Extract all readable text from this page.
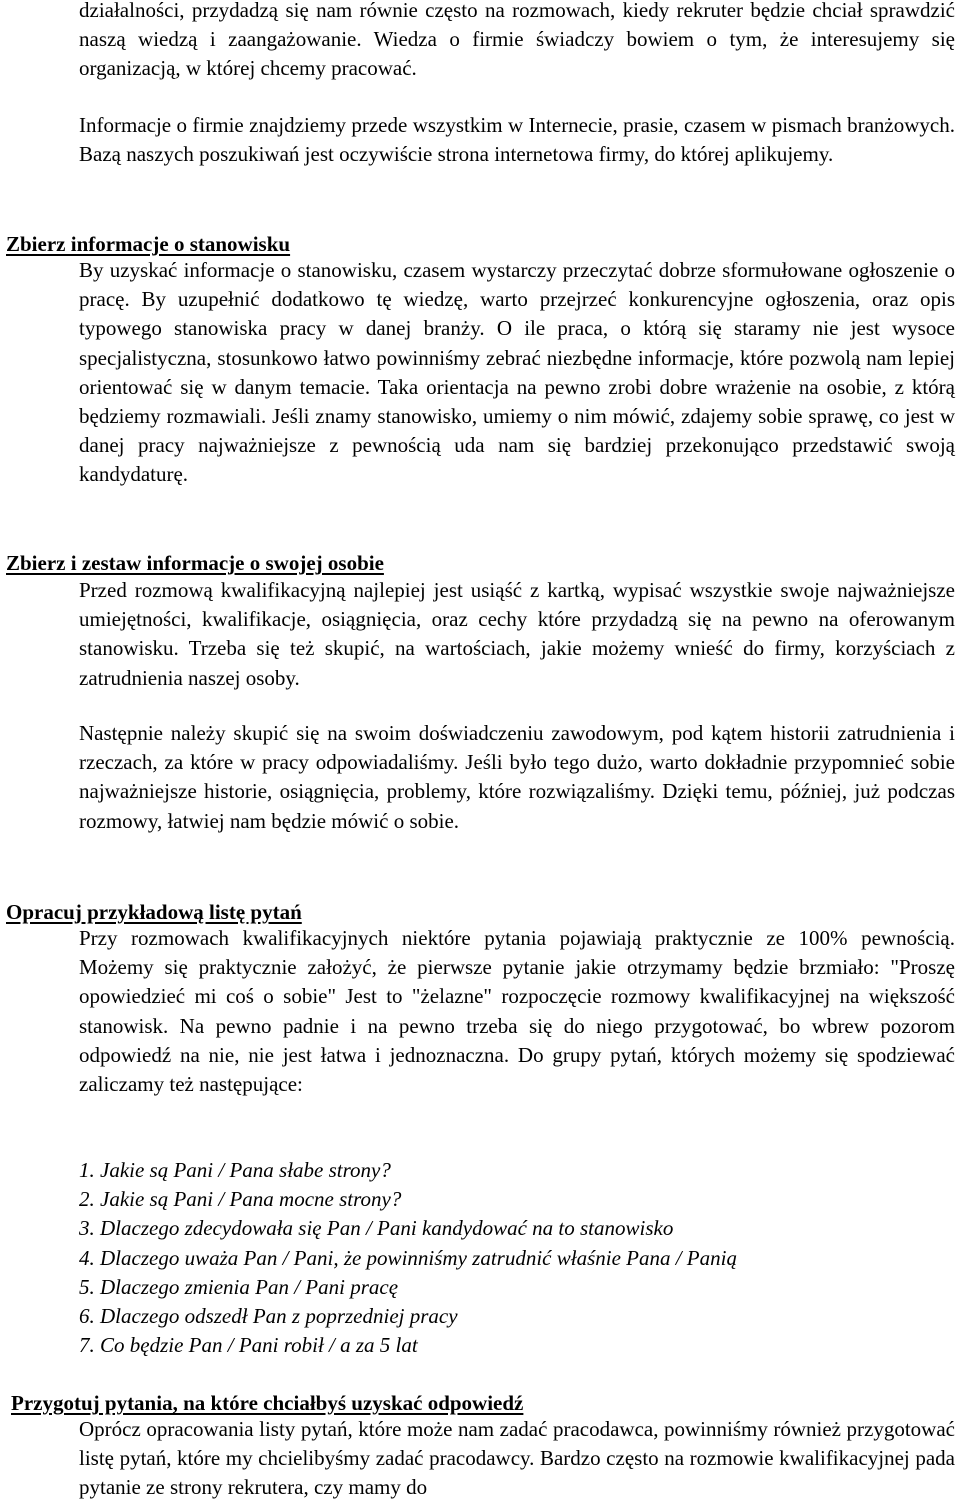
działalności, przydadzą się nam równie często na rozmowach, kiedy rekruter będzie chciał sprawdzić naszą wiedzą i zaangażowanie. Wiedza o firmie świadczy bowiem o tym, że interesujemy się organizacją, w której chcemy pracować.

Informacje o firmie znajdziemy przede wszystkim w Internecie, prasie, czasem w pismach branżowych. Bazą naszych poszukiwań jest oczywiście strona internetowa firmy, do której aplikujemy.

Zbierz informacje o stanowisku

By uzyskać informacje o stanowisku, czasem wystarczy przeczytać dobrze sformułowane ogłoszenie o pracę. By uzupełnić dodatkowo tę wiedzę, warto przejrzeć konkurencyjne ogłoszenia, oraz opis typowego stanowiska pracy w danej branży. O ile praca, o którą się staramy nie jest wysoce specjalistyczna, stosunkowo łatwo powinniśmy zebrać niezbędne informacje, które pozwolą nam lepiej orientować się w danym temacie. Taka orientacja na pewno zrobi dobre wrażenie na osobie, z którą będziemy rozmawiali. Jeśli znamy stanowisko, umiemy o nim mówić, zdajemy sobie sprawę, co jest w danej pracy najważniejsze z pewnością uda nam się bardziej przekonująco przedstawić swoją kandydaturę.

Zbierz i zestaw informacje o swojej osobie

Przed rozmową kwalifikacyjną najlepiej jest usiąść z kartką, wypisać wszystkie swoje najważniejsze umiejętności, kwalifikacje, osiągnięcia, oraz cechy które przydadzą się na pewno na oferowanym stanowisku. Trzeba się też skupić, na wartościach, jakie możemy wnieść do firmy, korzyściach z zatrudnienia naszej osoby.

Następnie należy skupić się na swoim doświadczeniu zawodowym, pod kątem historii zatrudnienia i rzeczach, za które w pracy odpowiadaliśmy. Jeśli było tego dużo, warto dokładnie przypomnieć sobie najważniejsze historie, osiągnięcia, problemy, które rozwiązaliśmy. Dzięki temu, później, już podczas rozmowy, łatwiej nam będzie mówić o sobie.

Opracuj przykładową listę pytań

Przy rozmowach kwalifikacyjnych niektóre pytania pojawiają praktycznie ze 100% pewnością. Możemy się praktycznie założyć, że pierwsze pytanie jakie otrzymamy będzie brzmiało: "Proszę opowiedzieć mi coś o sobie" Jest to "żelazne" rozpoczęcie rozmowy kwalifikacyjnej na większość stanowisk. Na pewno padnie i na pewno trzeba się do niego przygotować, bo wbrew pozorom odpowiedź na nie, nie jest łatwa i jednoznaczna. Do grupy pytań, których możemy się spodziewać zaliczamy też następujące:

1. Jakie są Pani / Pana słabe strony?
2. Jakie są Pani / Pana mocne strony?
3. Dlaczego zdecydowała się Pan / Pani kandydować na to stanowisko
4. Dlaczego uważa Pan / Pani, że powinniśmy zatrudnić właśnie Pana / Panią
5. Dlaczego zmienia Pan / Pani pracę
6. Dlaczego odszedł Pan z poprzedniej pracy
7. Co będzie Pan / Pani robił / a za 5 lat
Przygotuj pytania, na które chciałbyś uzyskać odpowiedź

Oprócz opracowania listy pytań, które może nam zadać pracodawca, powinniśmy również przygotować listę pytań, które my chcielibyśmy zadać pracodawcy. Bardzo często na rozmowie kwalifikacyjnej pada pytanie ze strony rekrutera, czy mamy do
